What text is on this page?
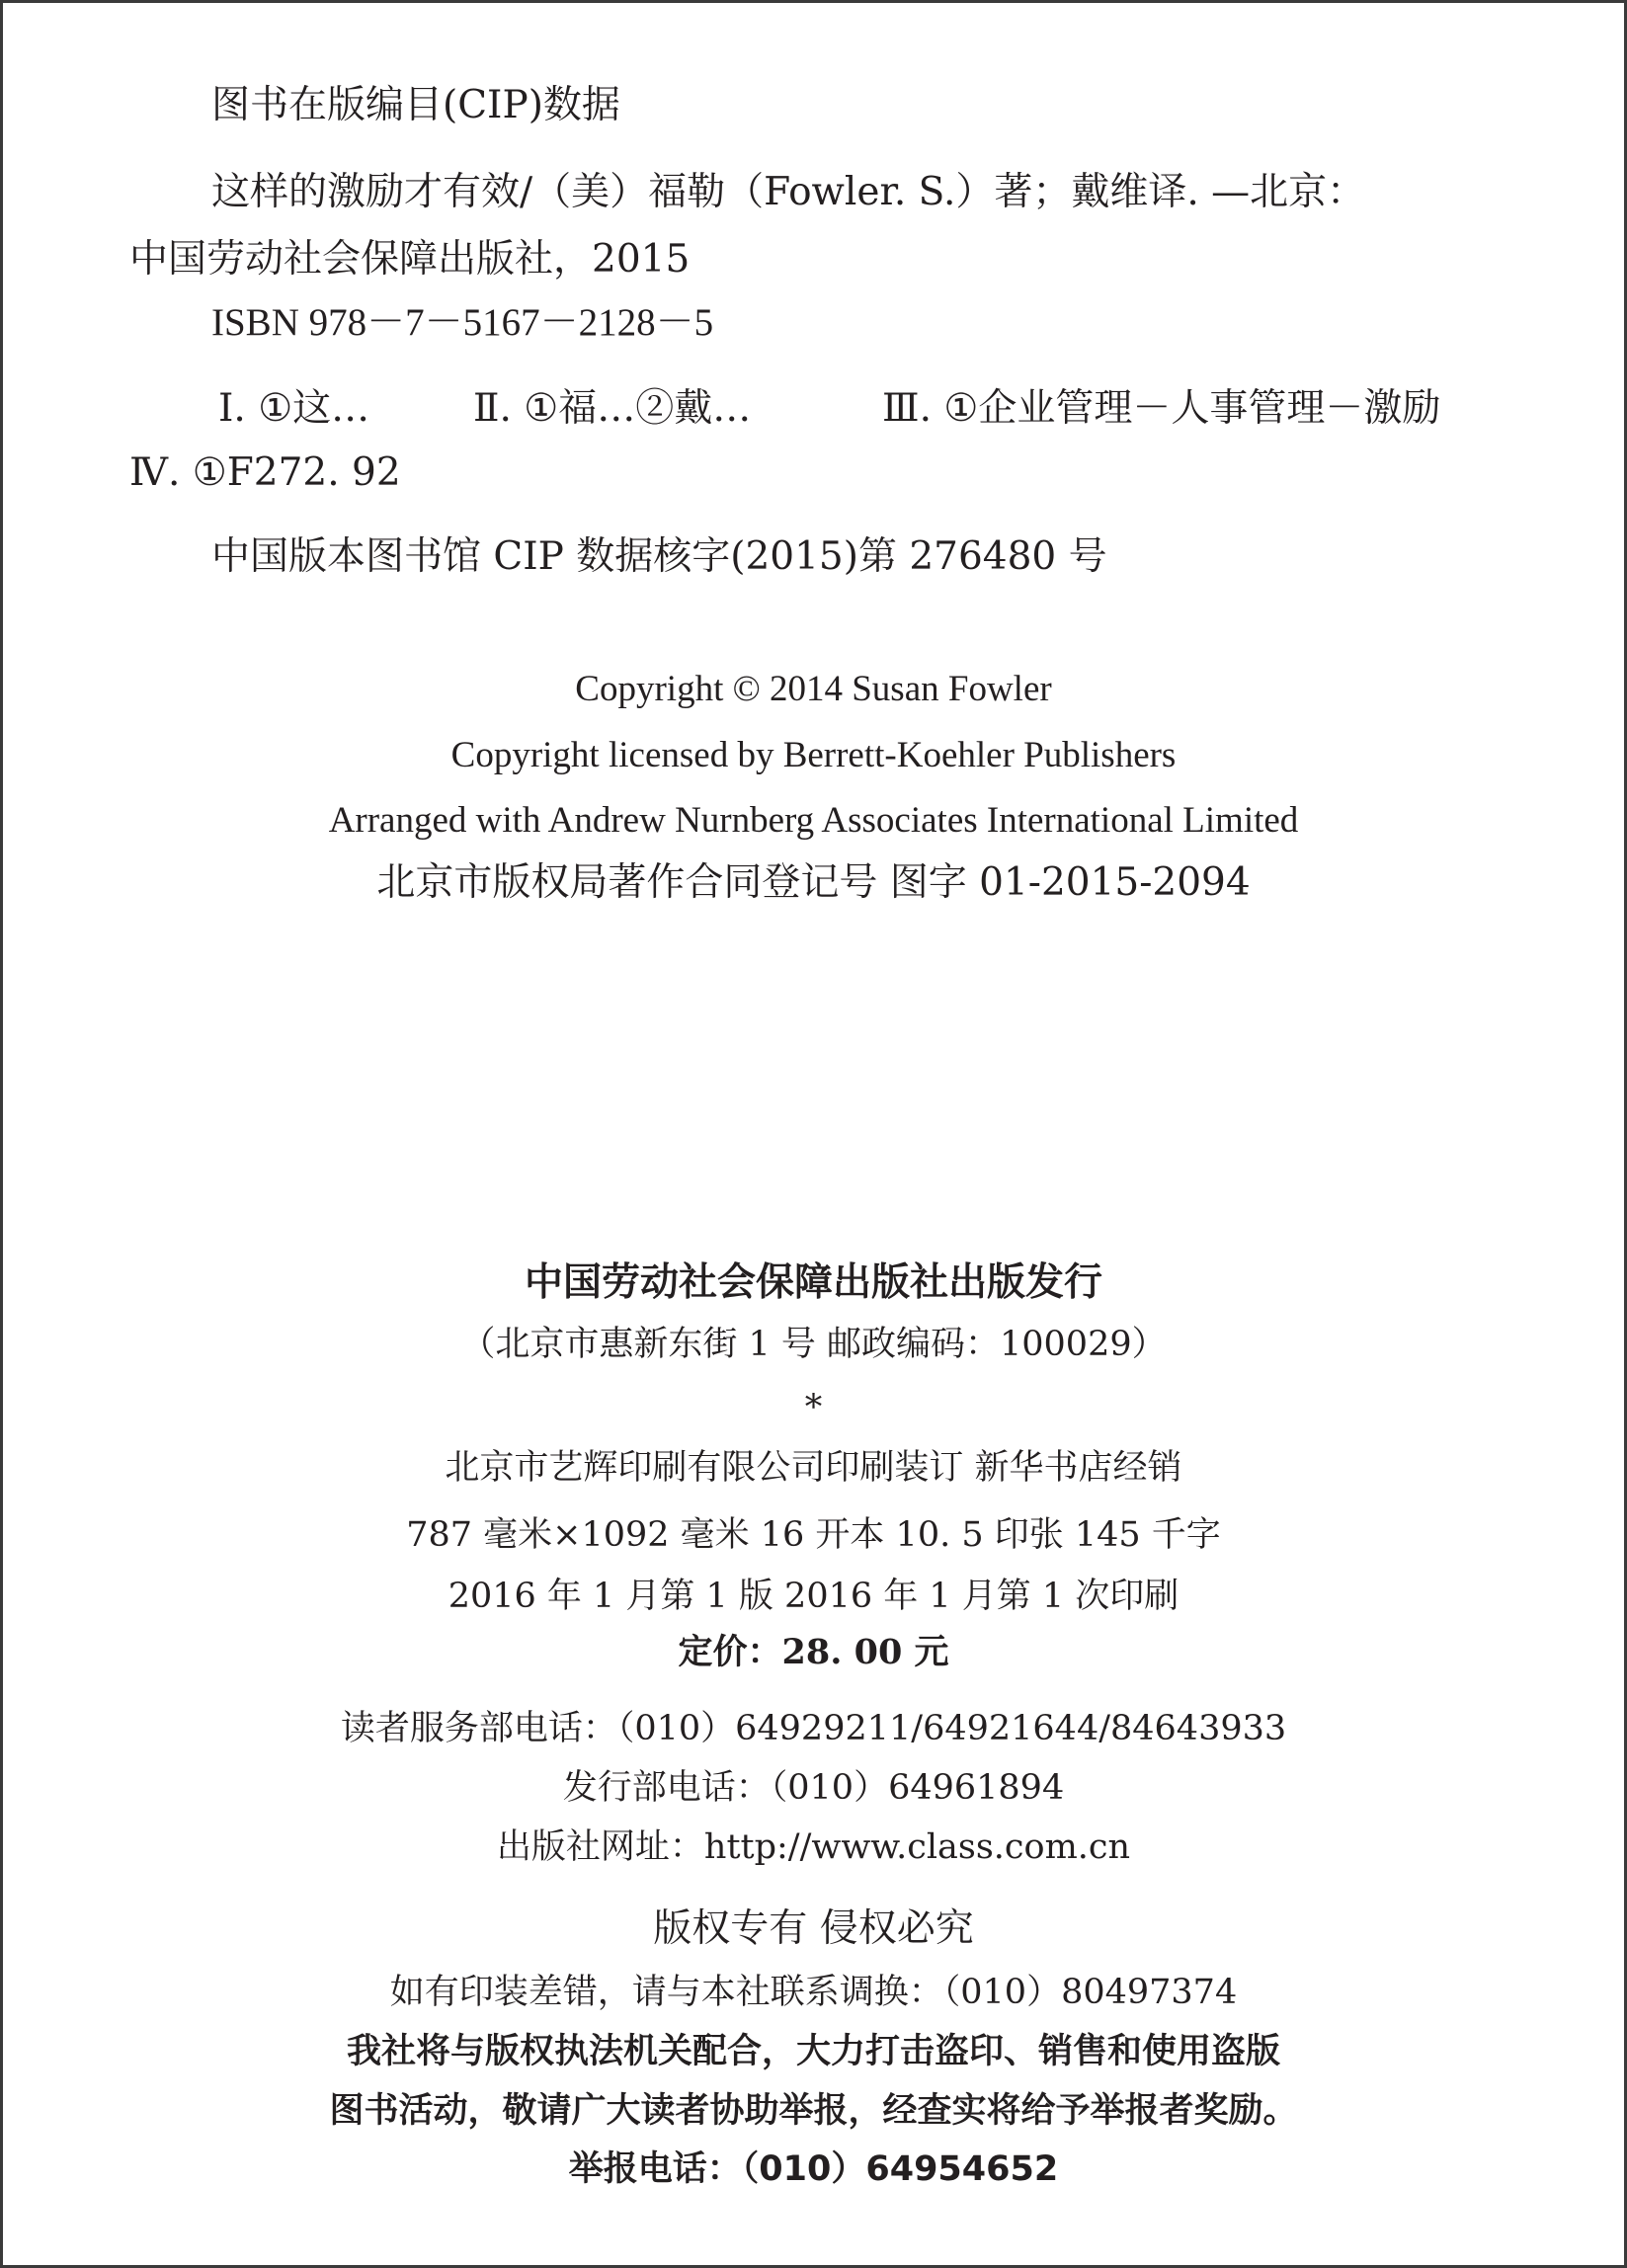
图书在版编目(CIP)数据
这样的激励才有效/（美）福勒（Fowler. S.）著；戴维译. —北京：
中国劳动社会保障出版社，2015
ISBN 978－7－5167－2128－5
Ⅰ. ①这…	Ⅱ. ①福…②戴…	Ⅲ. ①企业管理－人事管理－激励
Ⅳ. ①F272. 92
中国版本图书馆 CIP 数据核字(2015)第 276480 号

Copyright © 2014 Susan Fowler

Copyright licensed by Berrett-Koehler Publishers

Arranged with Andrew Nurnberg Associates International Limited

北京市版权局著作合同登记号 图字 01-2015-2094

中国劳动社会保障出版社出版发行

（北京市惠新东街 1 号 邮政编码：100029）

*

北京市艺辉印刷有限公司印刷装订 新华书店经销

787 毫米×1092 毫米 16 开本 10. 5 印张 145 千字

2016 年 1 月第 1 版 2016 年 1 月第 1 次印刷

定价：28. 00 元

读者服务部电话：（010）64929211/64921644/84643933

发行部电话：（010）64961894

出版社网址：http://www.class.com.cn

版权专有 侵权必究

如有印装差错，请与本社联系调换：（010）80497374

我社将与版权执法机关配合，大力打击盗印、销售和使用盗版

图书活动，敬请广大读者协助举报，经查实将给予举报者奖励。

举报电话：（010）64954652
